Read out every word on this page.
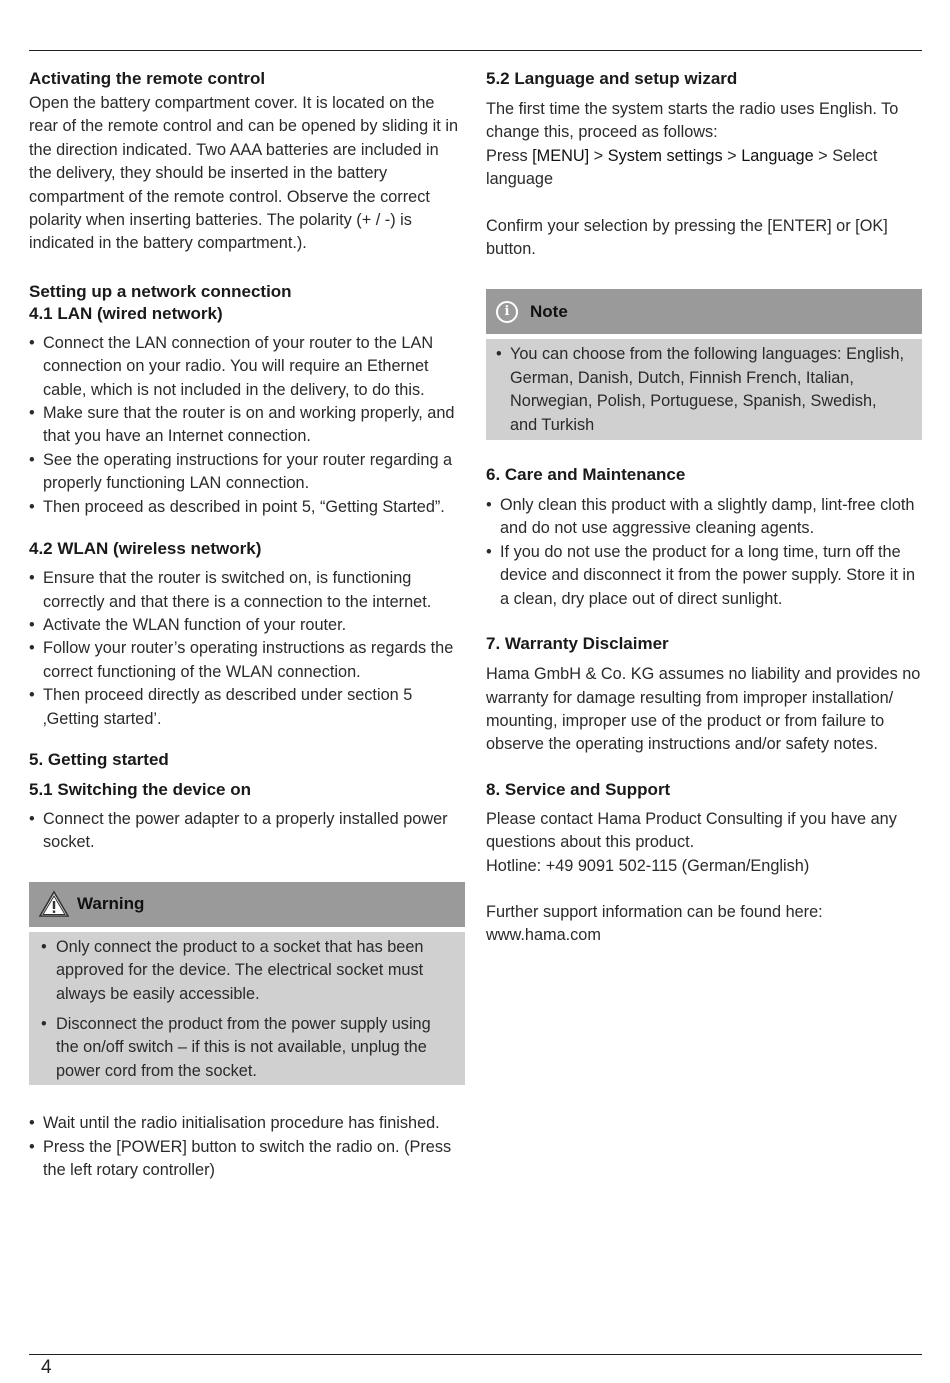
Activating the remote control

Open the battery compartment cover. It is located on the rear of the remote control and can be opened by sliding it in the direction indicated. Two AAA batteries are included in the delivery, they should be inserted in the battery compartment of the remote control. Observe the correct polarity when inserting batteries. The polarity (+ / -) is indicated in the battery compartment.).

Setting up a network connection
4.1 LAN (wired network)
• Connect the LAN connection of your router to the LAN connection on your radio. You will require an Ethernet cable, which is not included in the delivery, to do this.
• Make sure that the router is on and working properly, and that you have an Internet connection.
• See the operating instructions for your router regarding a properly functioning LAN connection.
• Then proceed as described in point 5, “Getting Started”.
4.2 WLAN (wireless network)
• Ensure that the router is switched on, is functioning correctly and that there is a connection to the internet.
• Activate the WLAN function of your router.
• Follow your router’s operating instructions as regards the correct functioning of the WLAN connection.
• Then proceed directly as described under section 5 ‚Getting started’.
5. Getting started
5.1 Switching the device on
• Connect the power adapter to a properly installed power socket.
Warning
• Only connect the product to a socket that has been approved for the device. The electrical socket must always be easily accessible.
• Disconnect the product from the power supply using the on/off switch – if this is not available, unplug the power cord from the socket.
• Wait until the radio initialisation procedure has finished.
• Press the [POWER] button to switch the radio on. (Press the left rotary controller)
5.2 Language and setup wizard

The first time the system starts the radio uses English. To change this, proceed as follows:

Press [MENU] > System settings > Language > Select language

Confirm your selection by pressing the [ENTER] or [OK] button.

i Note
• You can choose from the following languages: English, German, Danish, Dutch, Finnish French, Italian, Norwegian, Polish, Portuguese, Spanish, Swedish, and Turkish
6. Care and Maintenance
• Only clean this product with a slightly damp, lint-free cloth and do not use aggressive cleaning agents.
• If you do not use the product for a long time, turn off the device and disconnect it from the power supply. Store it in a clean, dry place out of direct sunlight.
7. Warranty Disclaimer

Hama GmbH & Co. KG assumes no liability and provides no warranty for damage resulting from improper installation/ mounting, improper use of the product or from failure to observe the operating instructions and/or safety notes.

8. Service and Support

Please contact Hama Product Consulting if you have any questions about this product.

Hotline: +49 9091 502-115 (German/English)

Further support information can be found here:

www.hama.com

4
